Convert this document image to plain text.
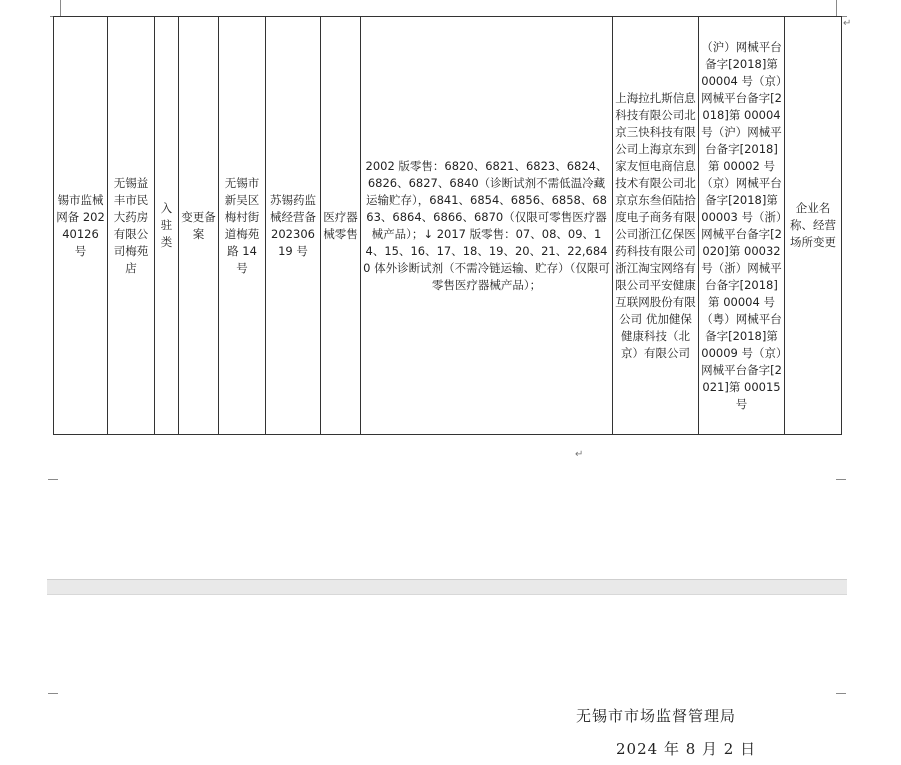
锡市监械网备 20240126 号	无锡益丰市民大药房有限公司梅苑店	入驻类	变更备案	无锡市新吴区梅村街道梅苑路 14 号	苏锡药监械经营备 20230619 号	医疗器械零售	2002 版零售：6820、6821、6823、6824、6826、6827、6840（诊断试剂不需低温冷藏运输贮存），6841、6854、6856、6858、6863、6864、6866、6870（仅限可零售医疗器械产品）；↓ 2017 版零售：07、08、09、14、15、16、17、18、19、20、21、22,6840 体外诊断试剂（不需冷链运输、贮存）（仅限可零售医疗器械产品）；	上海拉扎斯信息科技有限公司北京三快科技有限公司上海京东到家友恒电商信息技术有限公司北京京东叁佰陆拾度电子商务有限公司浙江亿保医药科技有限公司浙江淘宝网络有限公司平安健康互联网股份有限公司 优加健保健康科技（北京）有限公司	（沪）网械平台备字[2018]第 00004 号（京）网械平台备字[2018]第 00004 号（沪）网械平台备字[2018]第 00002 号（京）网械平台备字[2018]第 00003 号（浙）网械平台备字[2020]第 00032 号（浙）网械平台备字[2018]第 00004 号（粤）网械平台备字[2018]第 00009 号（京）网械平台备字[2021]第 00015 号	企业名称、经营场所变更
↵
↵
无锡市市场监督管理局
2024 年 8 月 2 日
